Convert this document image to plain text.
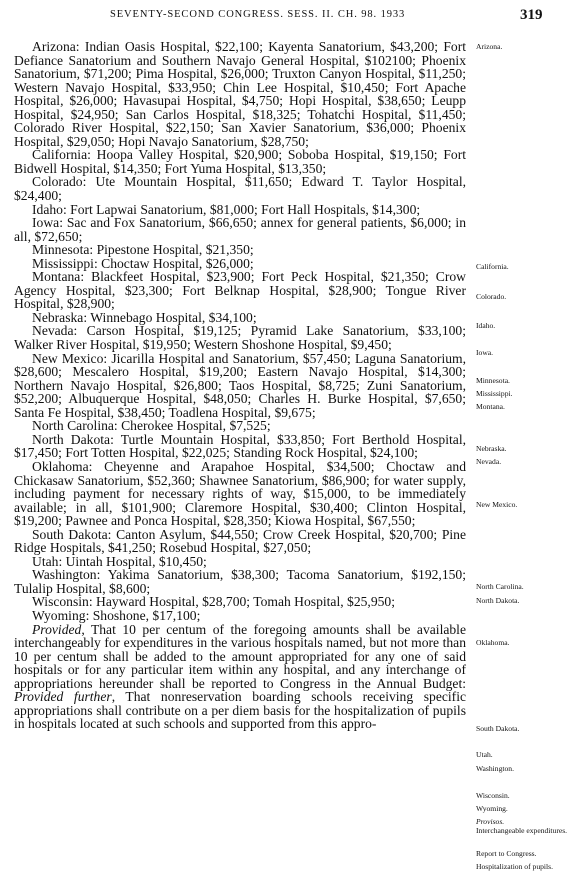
SEVENTY-SECOND CONGRESS. SESS. II. CH. 98. 1933	319

Arizona: Indian Oasis Hospital, $22,100; Kayenta Sanatorium, $43,200; Fort Defiance Sanatorium and Southern Navajo General Hospital, $102100; Phoenix Sanatorium, $71,200; Pima Hospital, $26,000; Truxton Canyon Hospital, $11,250; Western Navajo Hospital, $33,950; Chin Lee Hospital, $10,450; Fort Apache Hospital, $26,000; Havasupai Hospital, $4,750; Hopi Hospital, $38,650; Leupp Hospital, $24,950; San Carlos Hospital, $18,325; Tohatchi Hospital, $11,450; Colorado River Hospital, $22,150; San Xavier Sanatorium, $36,000; Phoenix Hospital, $29,050; Hopi Navajo Sanatorium, $28,750;

California: Hoopa Valley Hospital, $20,900; Soboba Hospital, $19,150; Fort Bidwell Hospital, $14,350; Fort Yuma Hospital, $13,350;

Colorado: Ute Mountain Hospital, $11,650; Edward T. Taylor Hospital, $24,400;

Idaho: Fort Lapwai Sanatorium, $81,000; Fort Hall Hospitals, $14,300;

Iowa: Sac and Fox Sanatorium, $66,650; annex for general patients, $6,000; in all, $72,650;

Minnesota: Pipestone Hospital, $21,350;

Mississippi: Choctaw Hospital, $26,000;

Montana: Blackfeet Hospital, $23,900; Fort Peck Hospital, $21,350; Crow Agency Hospital, $23,300; Fort Belknap Hospital, $28,900; Tongue River Hospital, $28,900;

Nebraska: Winnebago Hospital, $34,100;

Nevada: Carson Hospital, $19,125; Pyramid Lake Sanatorium, $33,100; Walker River Hospital, $19,950; Western Shoshone Hospital, $9,450;

New Mexico: Jicarilla Hospital and Sanatorium, $57,450; Laguna Sanatorium, $28,600; Mescalero Hospital, $19,200; Eastern Navajo Hospital, $14,300; Northern Navajo Hospital, $26,800; Taos Hospital, $8,725; Zuni Sanatorium, $52,200; Albuquerque Hospital, $48,050; Charles H. Burke Hospital, $7,650; Santa Fe Hospital, $38,450; Toadlena Hospital, $9,675;

North Carolina: Cherokee Hospital, $7,525;

North Dakota: Turtle Mountain Hospital, $33,850; Fort Berthold Hospital, $17,450; Fort Totten Hospital, $22,025; Standing Rock Hospital, $24,100;

Oklahoma: Cheyenne and Arapahoe Hospital, $34,500; Choctaw and Chickasaw Sanatorium, $52,360; Shawnee Sanatorium, $86,900; for water supply, including payment for necessary rights of way, $15,000, to be immediately available; in all, $101,900; Claremore Hospital, $30,400; Clinton Hospital, $19,200; Pawnee and Ponca Hospital, $28,350; Kiowa Hospital, $67,550;

South Dakota: Canton Asylum, $44,550; Crow Creek Hospital, $20,700; Pine Ridge Hospitals, $41,250; Rosebud Hospital, $27,050;

Utah: Uintah Hospital, $10,450;

Washington: Yakima Sanatorium, $38,300; Tacoma Sanatorium, $192,150; Tulalip Hospital, $8,600;

Wisconsin: Hayward Hospital, $28,700; Tomah Hospital, $25,950;

Wyoming: Shoshone, $17,100;

Provided, That 10 per centum of the foregoing amounts shall be available interchangeably for expenditures in the various hospitals named, but not more than 10 per centum shall be added to the amount appropriated for any one of said hospitals or for any particular item within any hospital, and any interchange of appropriations hereunder shall be reported to Congress in the Annual Budget: Provided further, That nonreservation boarding schools receiving specific appropriations shall contribute on a per diem basis for the hospitalization of pupils in hospitals located at such schools and supported from this appro-

Arizona.
California.
Colorado.
Idaho.
Iowa.
Minnesota.
Mississippi.
Montana.
Nebraska.
Nevada.
New Mexico.
North Carolina.
North Dakota.
Oklahoma.
South Dakota.
Utah.
Washington.
Wisconsin.
Wyoming.
Provisos.
Interchangeable expenditures.
Report to Congress.
Hospitalization of pupils.
